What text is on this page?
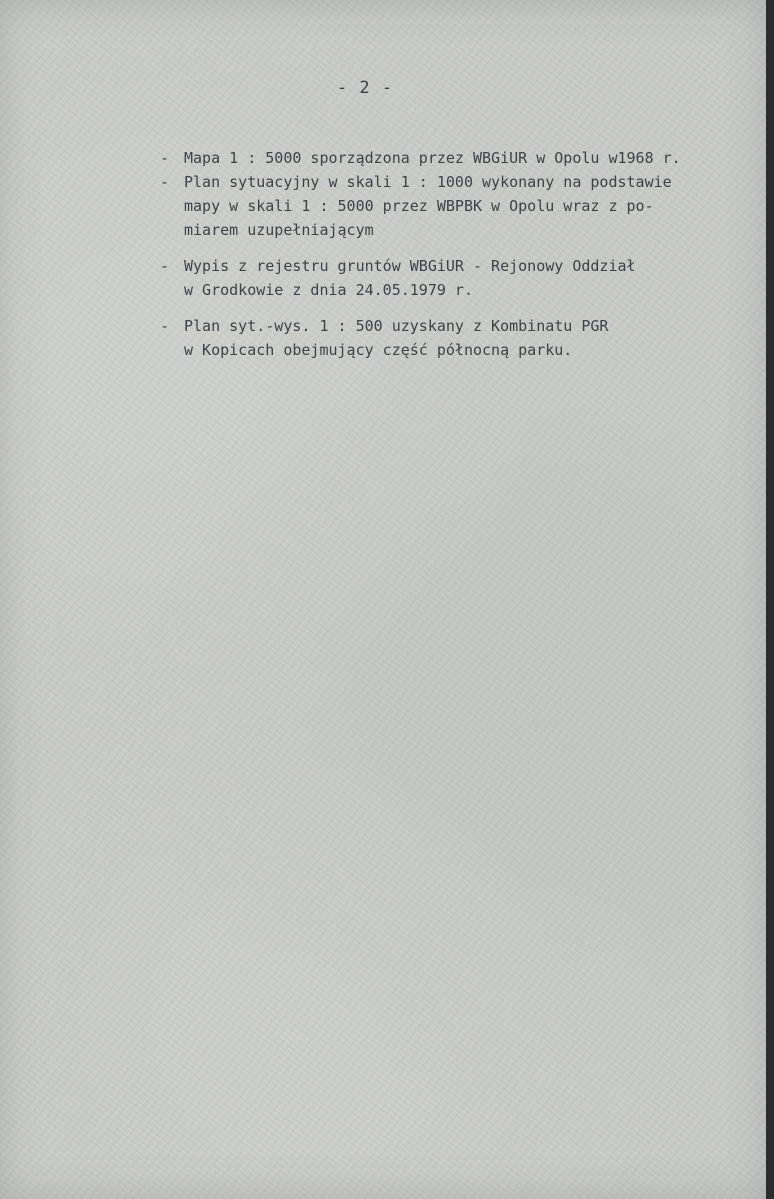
- 2 -
- Mapa 1 : 5000 sporządzona przez WBGiUR w Opolu w1968 r.
- Plan sytuacyjny w skali 1 : 1000 wykonany na podstawie
mapy w skali 1 : 5000 przez WBPBK w Opolu wraz z po-
miarem uzupełniającym
- Wypis z rejestru gruntów WBGiUR - Rejonowy Oddział
w Grodkowie z dnia 24.05.1979 r.
- Plan syt.-wys. 1 : 500 uzyskany z Kombinatu PGR
w Kopicach obejmujący część północną parku.
